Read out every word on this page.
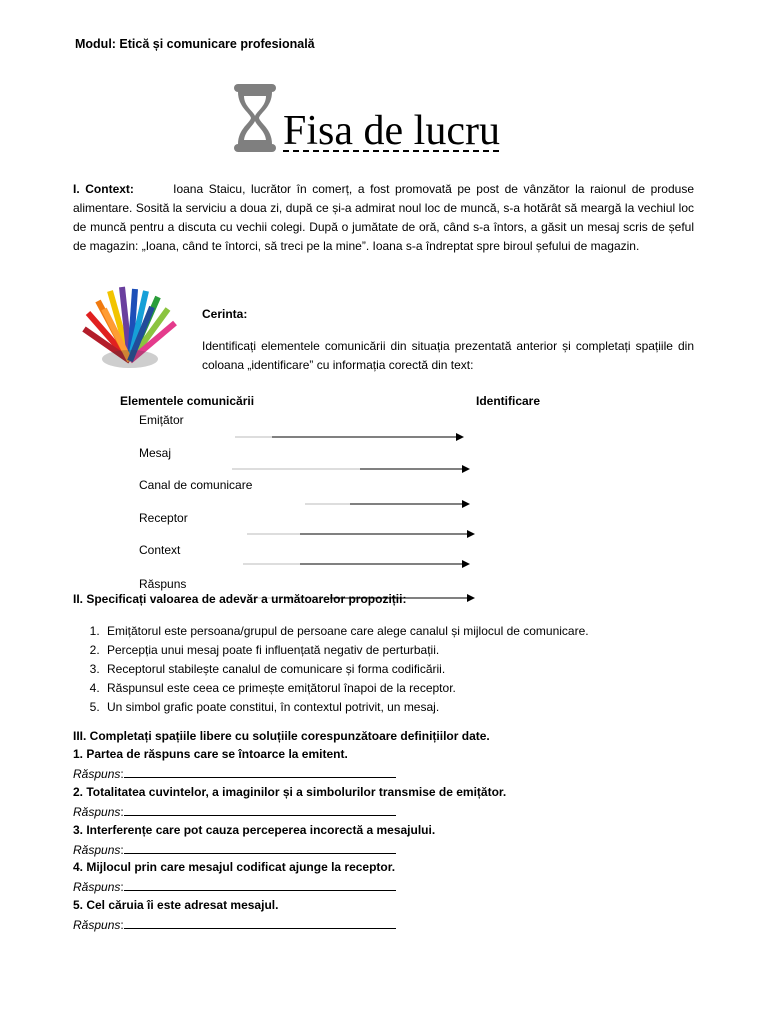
Modul: Etică și comunicare profesională
Fisa de lucru
I. Context:	Ioana Staicu, lucrător în comerț, a fost promovată pe post de vânzător la raionul de produse alimentare. Sosită la serviciu a doua zi, după ce și-a admirat noul loc de muncă, s-a hotărât să meargă la vechiul loc de muncă pentru a discuta cu vechii colegi. După o jumătate de oră, când s-a întors, a găsit un mesaj scris de șeful de magazin: „Ioana, când te întorci, să treci pe la mine”. Ioana s-a îndreptat spre biroul șefului de magazin.
Cerinta:
Identificați elementele comunicării din situația prezentată anterior și completați spațiile din coloana „identificare” cu informația corectă din text:
Elementele comunicării	Identificare
Emițător
Mesaj
Canal de comunicare
Receptor
Context
Răspuns
II. Specificați valoarea de adevăr a următoarelor propoziții:
1. Emițătorul este persoana/grupul de persoane care alege canalul și mijlocul de comunicare.
2. Percepția unui mesaj poate fi influențată negativ de perturbații.
3. Receptorul stabilește canalul de comunicare și forma codificării.
4. Răspunsul este ceea ce primește emițătorul înapoi de la receptor.
5. Un simbol grafic poate constitui, în contextul potrivit, un mesaj.
III. Completați spațiile libere cu soluțiile corespunzătoare definițiilor date.
1. Partea de răspuns care se întoarce la emitent.
Răspuns:
2. Totalitatea cuvintelor, a imaginilor și a simbolurilor transmise de emițător.
Răspuns:
3. Interferențe care pot cauza perceperea incorectă a mesajului.
Răspuns:
4. Mijlocul prin care mesajul codificat ajunge la receptor.
Răspuns:
5. Cel căruia îi este adresat mesajul.
Răspuns:
